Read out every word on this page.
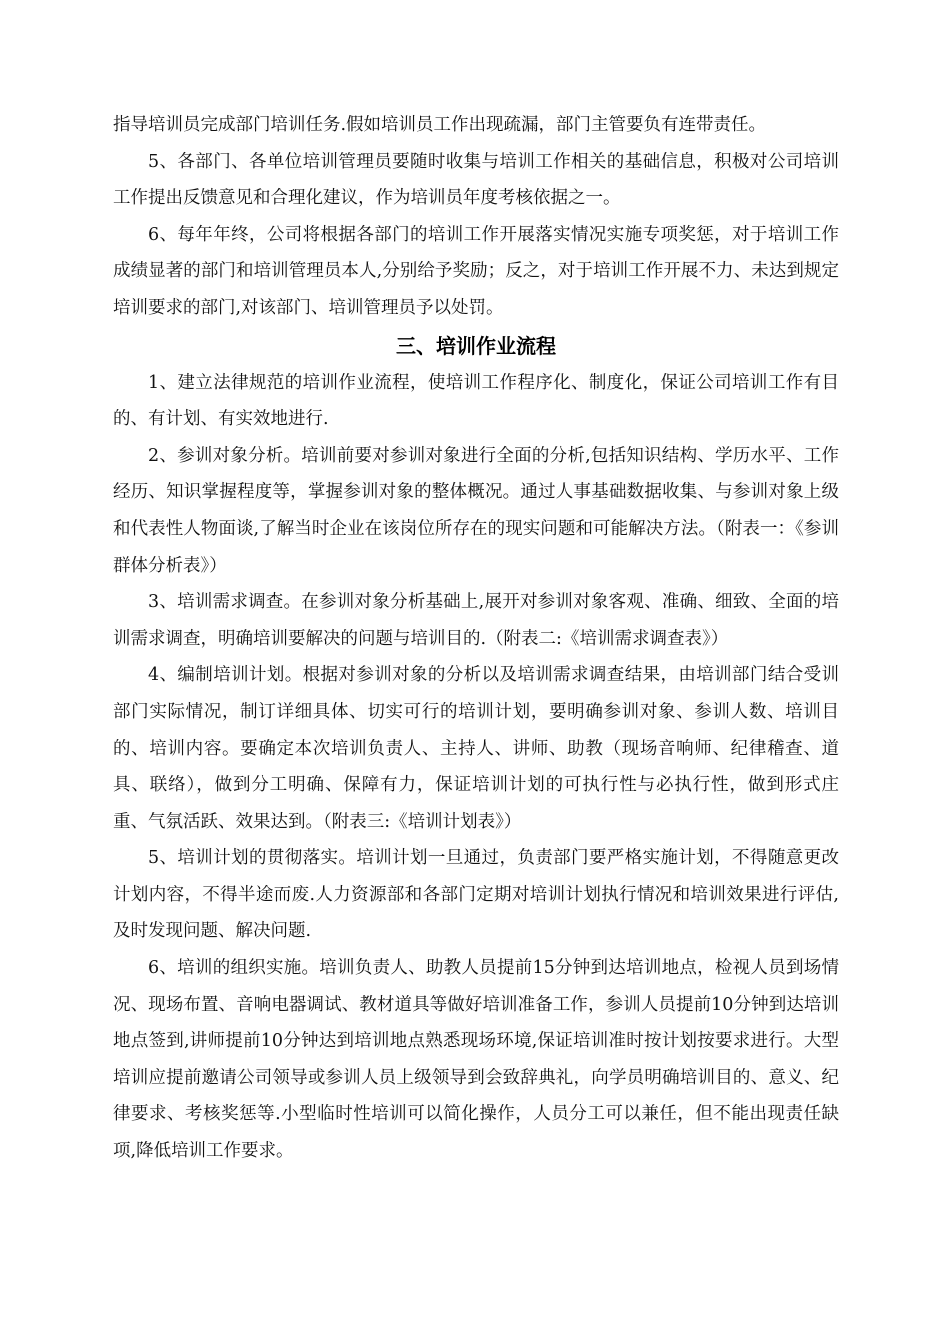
指导培训员完成部门培训任务.假如培训员工作出现疏漏，部门主管要负有连带责任。

5、各部门、各单位培训管理员要随时收集与培训工作相关的基础信息，积极对公司培训工作提出反馈意见和合理化建议，作为培训员年度考核依据之一。

6、每年年终，公司将根据各部门的培训工作开展落实情况实施专项奖惩，对于培训工作成绩显著的部门和培训管理员本人,分别给予奖励；反之，对于培训工作开展不力、未达到规定培训要求的部门,对该部门、培训管理员予以处罚。

三、培训作业流程

1、建立法律规范的培训作业流程，使培训工作程序化、制度化，保证公司培训工作有目的、有计划、有实效地进行.

2、参训对象分析。培训前要对参训对象进行全面的分析,包括知识结构、学历水平、工作经历、知识掌握程度等，掌握参训对象的整体概况。通过人事基础数据收集、与参训对象上级和代表性人物面谈,了解当时企业在该岗位所存在的现实问题和可能解决方法。（附表一：《参训群体分析表》）

3、培训需求调查。在参训对象分析基础上,展开对参训对象客观、准确、细致、全面的培训需求调查，明确培训要解决的问题与培训目的.（附表二:《培训需求调查表》）

4、编制培训计划。根据对参训对象的分析以及培训需求调查结果，由培训部门结合受训部门实际情况，制订详细具体、切实可行的培训计划，要明确参训对象、参训人数、培训目的、培训内容。要确定本次培训负责人、主持人、讲师、助教（现场音响师、纪律稽查、道具、联络），做到分工明确、保障有力，保证培训计划的可执行性与必执行性，做到形式庄重、气氛活跃、效果达到。（附表三:《培训计划表》）

5、培训计划的贯彻落实。培训计划一旦通过，负责部门要严格实施计划，不得随意更改计划内容，不得半途而废.人力资源部和各部门定期对培训计划执行情况和培训效果进行评估,及时发现问题、解决问题.

6、培训的组织实施。培训负责人、助教人员提前15分钟到达培训地点，检视人员到场情况、现场布置、音响电器调试、教材道具等做好培训准备工作，参训人员提前10分钟到达培训地点签到,讲师提前10分钟达到培训地点熟悉现场环境,保证培训准时按计划按要求进行。大型培训应提前邀请公司领导或参训人员上级领导到会致辞典礼，向学员明确培训目的、意义、纪律要求、考核奖惩等.小型临时性培训可以简化操作，人员分工可以兼任，但不能出现责任缺项,降低培训工作要求。
